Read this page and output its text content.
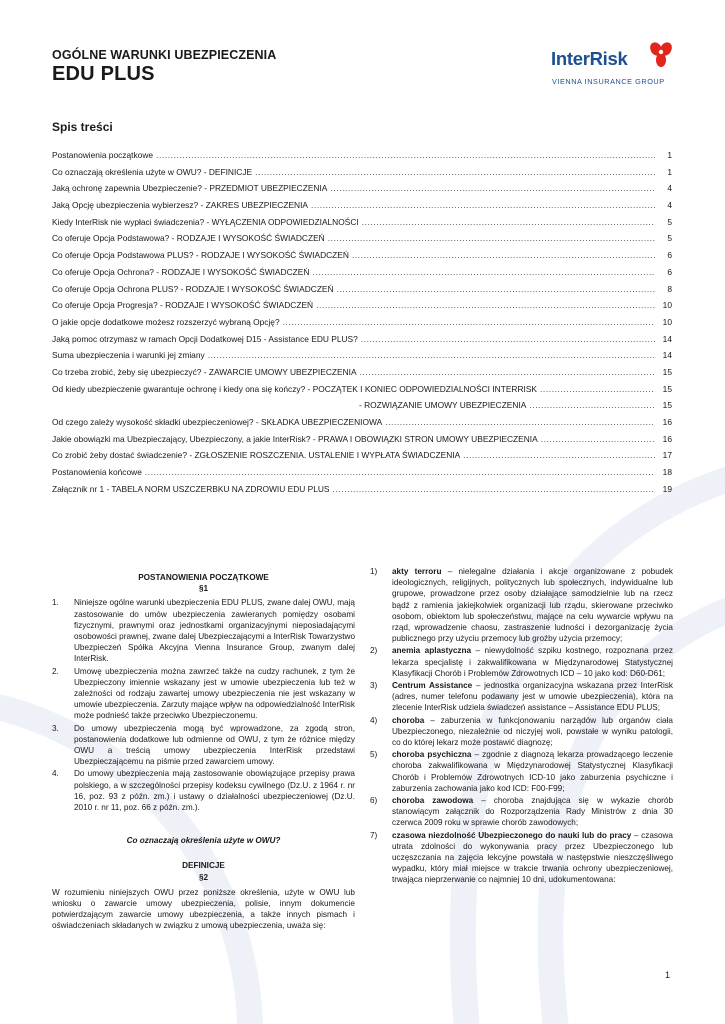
OGÓLNE WARUNKI UBEZPIECZENIA
EDU PLUS
InterRisk
VIENNA INSURANCE GROUP
Spis treści
Postanowienia początkowe .....	1
Co oznaczają określenia użyte w OWU? - DEFINICJE .....	1
Jaką ochronę zapewnia Ubezpieczenie? - PRZEDMIOT UBEZPIECZENIA .....	4
Jaką Opcję ubezpieczenia wybierzesz? - ZAKRES UBEZPIECZENIA .....	4
Kiedy InterRisk nie wypłaci świadczenia? - WYŁĄCZENIA ODPOWIEDZIALNOŚCI .....	5
Co oferuje Opcja Podstawowa? - RODZAJE I WYSOKOŚĆ ŚWIADCZEŃ .....	5
Co oferuje Opcja Podstawowa PLUS? - RODZAJE I WYSOKOŚĆ ŚWIADCZEŃ .....	6
Co oferuje Opcja Ochrona? - RODZAJE I WYSOKOŚĆ ŚWIADCZEŃ .....	6
Co oferuje Opcja Ochrona PLUS? - RODZAJE I WYSOKOŚĆ ŚWIADCZEŃ .....	8
Co oferuje Opcja Progresja? - RODZAJE I WYSOKOŚĆ ŚWIADCZEŃ .....	10
O jakie opcje dodatkowe możesz rozszerzyć wybraną Opcję? .....	10
Jaką pomoc otrzymasz w ramach Opcji Dodatkowej D15 - Assistance EDU PLUS? .....	14
Suma ubezpieczenia i warunki jej zmiany .....	14
Co trzeba zrobić, żeby się ubezpieczyć? - ZAWARCIE UMOWY UBEZPIECZENIA .....	15
Od kiedy ubezpieczenie gwarantuje ochronę i kiedy ona się kończy? - POCZĄTEK I KONIEC ODPOWIEDZIALNOŚCI INTERRISK .....	15
- ROZWIĄZANIE UMOWY UBEZPIECZENIA .....	15
Od czego zależy wysokość składki ubezpieczeniowej? - SKŁADKA UBEZPIECZENIOWA .....	16
Jakie obowiązki ma Ubezpieczający, Ubezpieczony, a jakie InterRisk? - PRAWA I OBOWIĄZKI STRON UMOWY UBEZPIECZENIA .....	16
Co zrobić żeby dostać świadczenie? - ZGŁOSZENIE ROSZCZENIA. USTALENIE I WYPŁATA ŚWIADCZENIA .....	17
Postanowienia końcowe .....	18
Załącznik nr 1 - TABELA NORM USZCZERBKU NA ZDROWIU EDU PLUS .....	19
POSTANOWIENIA POCZĄTKOWE
§1
1.	Niniejsze ogólne warunki ubezpieczenia EDU PLUS, zwane dalej OWU, mają zastosowanie do umów ubezpieczenia zawieranych pomiędzy osobami fizycznymi, prawnymi oraz jednostkami organizacyjnymi nieposiadającymi osobowości prawnej, zwane dalej Ubezpieczającymi a InterRisk Towarzystwo Ubezpieczeń Spółka Akcyjna Vienna Insurance Group, zwanym dalej InterRisk.
2.	Umowę ubezpieczenia można zawrzeć także na cudzy rachunek, z tym że Ubezpieczony imiennie wskazany jest w umowie ubezpieczenia lub też w zależności od rodzaju zawartej umowy ubezpieczenia nie jest wskazany w umowie ubezpieczenia. Zarzuty mające wpływ na odpowiedzialność InterRisk może podnieść także przeciwko Ubezpieczonemu.
3.	Do umowy ubezpieczenia mogą być wprowadzone, za zgodą stron, postanowienia dodatkowe lub odmienne od OWU, z tym że różnice między OWU a treścią umowy ubezpieczenia InterRisk przedstawi Ubezpieczającemu na piśmie przed zawarciem umowy.
4.	Do umowy ubezpieczenia mają zastosowanie obowiązujące przepisy prawa polskiego, a w szczególności przepisy kodeksu cywilnego (Dz.U. z 1964 r. nr 16, poz. 93 z późn. zm.) i ustawy o działalności ubezpieczeniowej (Dz.U. 2010 r. nr 11, poz. 66 z późn. zm.).
Co oznaczają określenia użyte w OWU?
DEFINICJE
§2
W rozumieniu niniejszych OWU przez poniższe określenia, użyte w OWU lub wniosku o zawarcie umowy ubezpieczenia, polisie, innym dokumencie potwierdzającym zawarcie umowy ubezpieczenia, a także innych pismach i oświadczeniach składanych w związku z umową ubezpieczenia, uważa się:
1)	akty terroru – nielegalne działania i akcje organizowane z pobudek ideologicznych, religijnych, politycznych lub społecznych, indywidualne lub grupowe, prowadzone przez osoby działające samodzielnie lub na rzecz bądź z ramienia jakiejkolwiek organizacji lub rządu, skierowane przeciwko osobom, obiektom lub społeczeństwu, mające na celu wywarcie wpływu na rząd, wprowadzenie chaosu, zastraszenie ludności i dezorganizację życia publicznego przy użyciu przemocy lub groźby użycia przemocy;
2)	anemia aplastyczna – niewydolność szpiku kostnego, rozpoznana przez lekarza specjalistę i zakwalifikowana w Międzynarodowej Statystycznej Klasyfikacji Chorób i Problemów Zdrowotnych ICD – 10 jako kod: D60-D61;
3)	Centrum Assistance – jednostka organizacyjna wskazana przez InterRisk (adres, numer telefonu podawany jest w umowie ubezpieczenia), która na zlecenie InterRisk udziela świadczeń assistance – Assistance EDU PLUS;
4)	choroba – zaburzenia w funkcjonowaniu narządów lub organów ciała Ubezpieczonego, niezależnie od niczyjej woli, powstałe w wyniku patologii, co do której lekarz może postawić diagnozę;
5)	choroba psychiczna – zgodnie z diagnozą lekarza prowadzącego leczenie choroba zakwalifikowana w Międzynarodowej Statystycznej Klasyfikacji Chorób i Problemów Zdrowotnych ICD-10 jako zaburzenia psychiczne i zaburzenia zachowania jako kod ICD: F00-F99;
6)	choroba zawodowa – choroba znajdująca się w wykazie chorób stanowiącym załącznik do Rozporządzenia Rady Ministrów z dnia 30 czerwca 2009 roku w sprawie chorób zawodowych;
7)	czasowa niezdolność Ubezpieczonego do nauki lub do pracy – czasowa utrata zdolności do wykonywania pracy przez Ubezpieczonego lub uczęszczania na zajęcia lekcyjne powstała w następstwie nieszczęśliwego wypadku, który miał miejsce w trakcie trwania ochrony ubezpieczeniowej, trwająca nieprzerwanie co najmniej 10 dni, udokumentowana:
1
